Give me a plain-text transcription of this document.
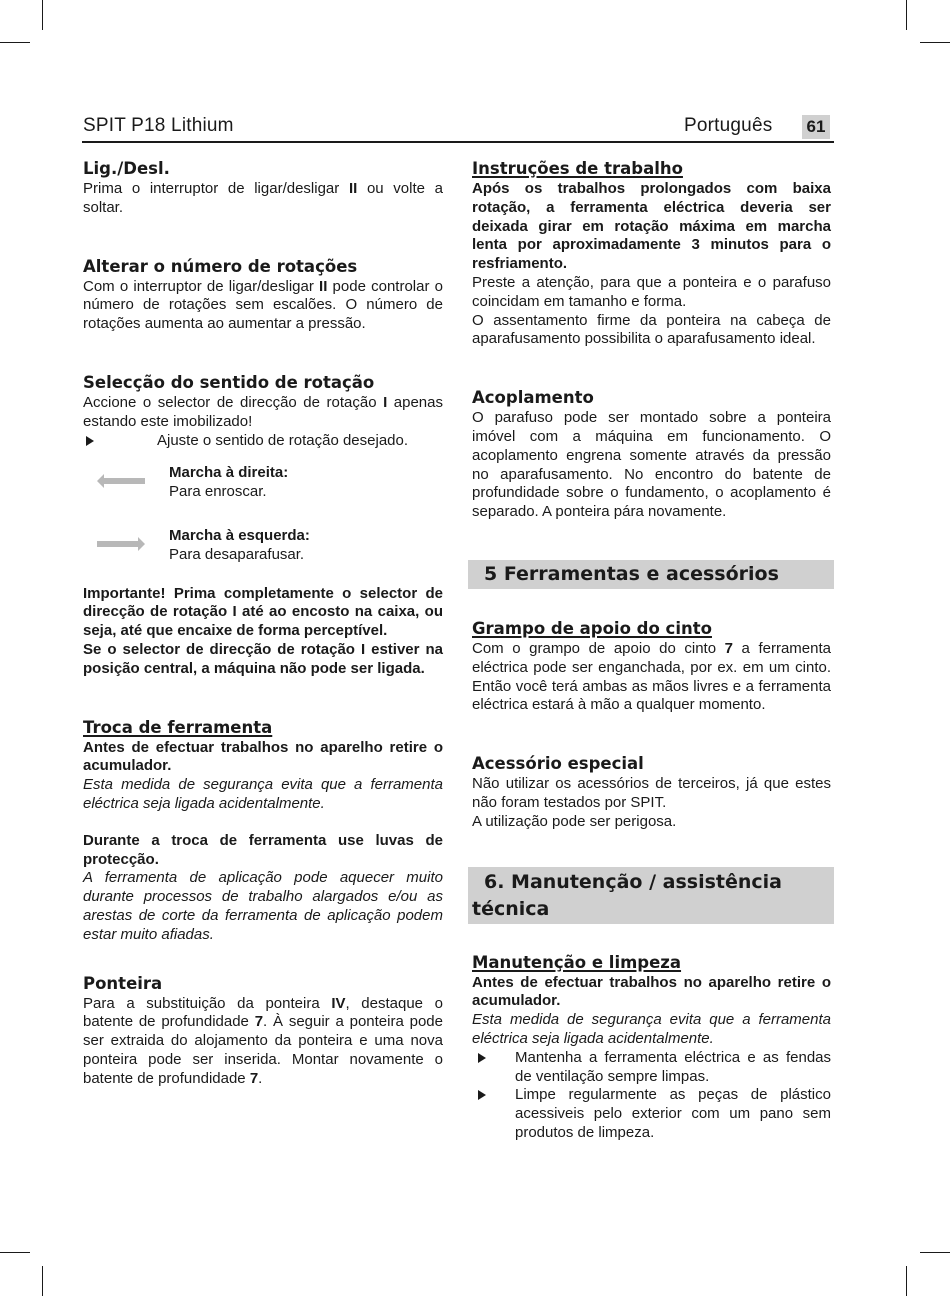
SPIT P18 Lithium	Português 61
Lig./Desl.

Prima o interruptor de ligar/desligar II ou volte a soltar.

Alterar o número de rotações

Com o interruptor de ligar/desligar II pode controlar o número de rotações sem escalões. O número de rotações aumenta ao aumentar a pressão.

Selecção do sentido de rotação

Accione o selector de direcção de rotação I apenas estando este imobilizado!

Ajuste o sentido de rotação desejado.
Marcha à direita:
Para enroscar.
Marcha à esquerda:
Para desaparafusar.

Importante! Prima completamente o selector de direcção de rotação I até ao encosto na caixa, ou seja, até que encaixe de forma perceptível.

Se o selector de direcção de rotação I estiver na posição central, a máquina não pode ser ligada.

Troca de ferramenta

Antes de efectuar trabalhos no aparelho retire o acumulador.

Esta medida de segurança evita que a ferramenta eléctrica seja ligada acidentalmente.

Durante a troca de ferramenta use luvas de protecção.

A ferramenta de aplicação pode aquecer muito durante processos de trabalho alargados e/ou as arestas de corte da ferramenta de aplicação podem estar muito afiadas.

Ponteira

Para a substituição da ponteira IV, destaque o batente de profundidade 7. À seguir a ponteira pode ser extraida do alojamento da ponteira e uma nova ponteira pode ser inserida. Montar novamente o batente de profundidade 7.

Instruções de trabalho

Após os trabalhos prolongados com baixa rotação, a ferramenta eléctrica deveria ser deixada girar em rotação máxima em marcha lenta por aproximadamente 3 minutos para o resfriamento.

Preste a atenção, para que a ponteira e o parafuso coincidam em tamanho e forma.

O assentamento firme da ponteira na cabeça de aparafusamento possibilita o aparafusamento ideal.

Acoplamento

O parafuso pode ser montado sobre a ponteira imóvel com a máquina em funcionamento. O acoplamento engrena somente através da pressão no aparafusamento. No encontro do batente de profundidade sobre o fundamento, o acoplamento é separado. A ponteira pára novamente.

5 Ferramentas e acessórios
Grampo de apoio do cinto

Com o grampo de apoio do cinto 7 a ferramenta eléctrica pode ser enganchada, por ex. em um cinto. Então você terá ambas as mãos livres e a ferramenta eléctrica estará à mão a qualquer momento.

Acessório especial

Não utilizar os acessórios de terceiros, já que estes não foram testados por SPIT.

A utilização pode ser perigosa.

6. Manutenção / assistência técnica
Manutenção e limpeza

Antes de efectuar trabalhos no aparelho retire o acumulador.

Esta medida de segurança evita que a ferramenta eléctrica seja ligada acidentalmente.

Mantenha a ferramenta eléctrica e as fendas de ventilação sempre limpas.
Limpe regularmente as peças de plástico acessiveis pelo exterior com um pano sem produtos de limpeza.
